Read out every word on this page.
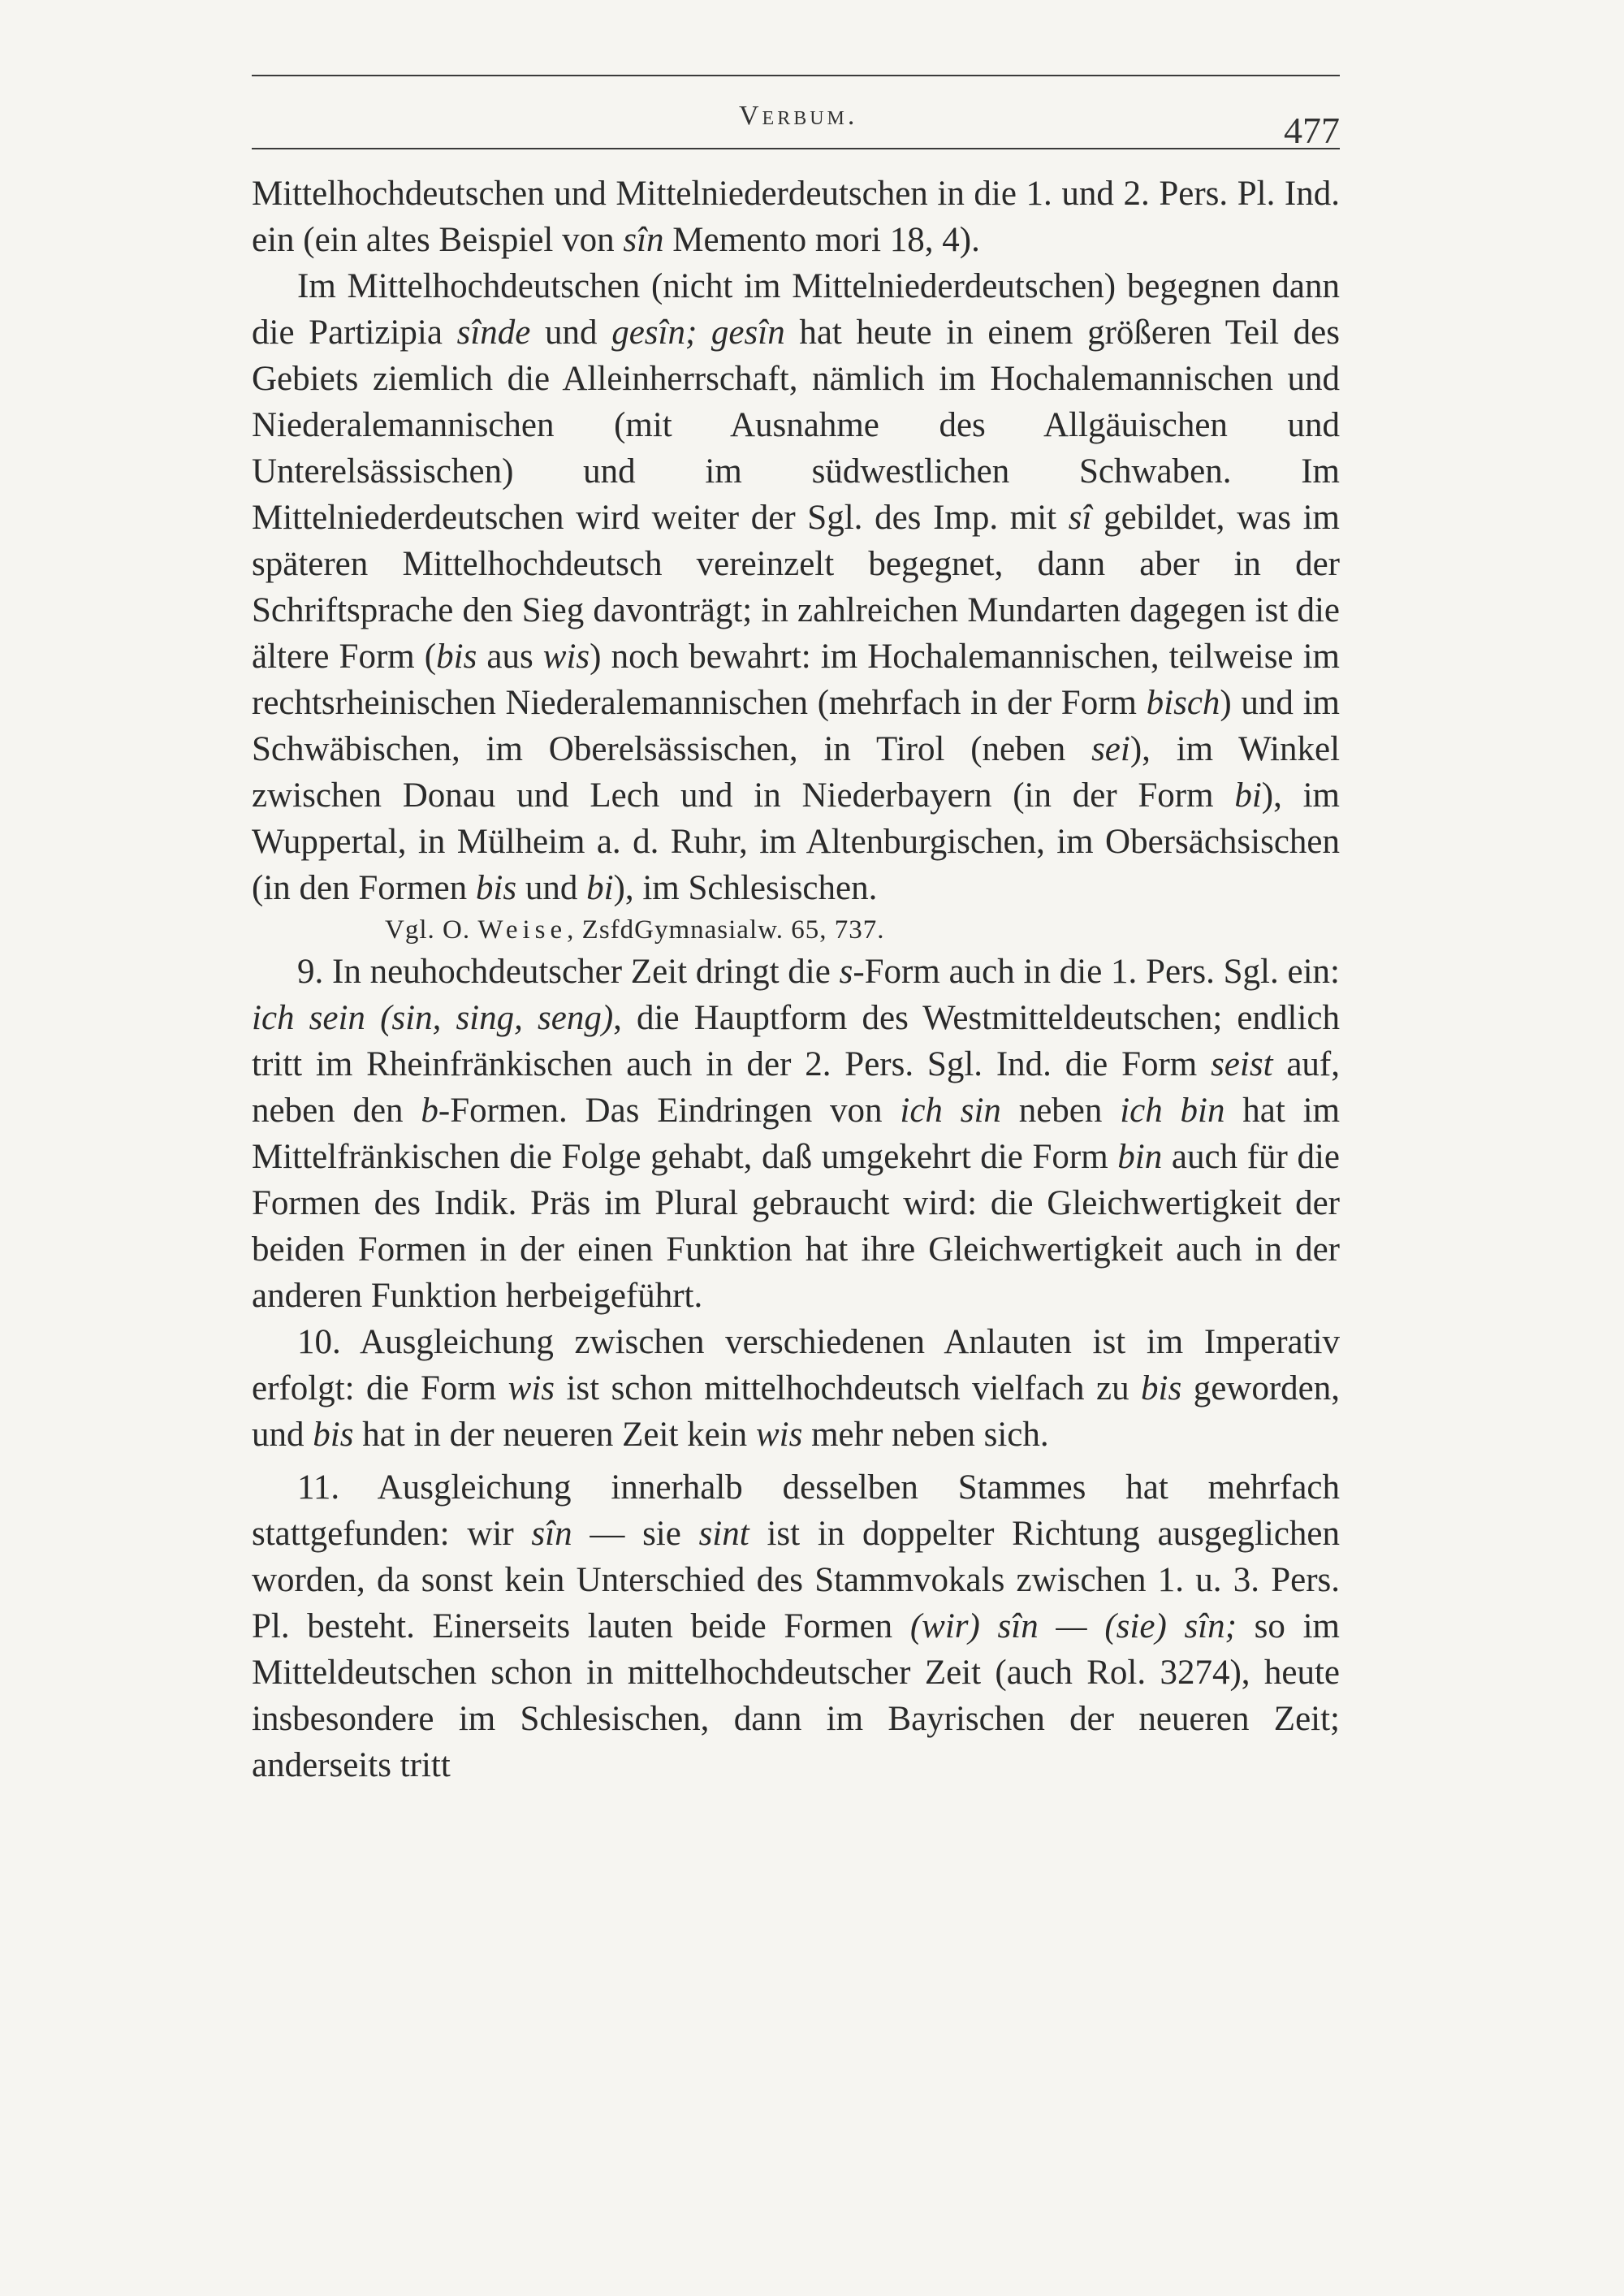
Verbum.	477

Mittelhochdeutschen und Mittelniederdeutschen in die 1. und 2. Pers. Pl. Ind. ein (ein altes Beispiel von sîn Memento mori 18, 4).

Im Mittelhochdeutschen (nicht im Mittelniederdeutschen) begegnen dann die Partizipia sînde und gesîn; gesîn hat heute in einem größeren Teil des Gebiets ziemlich die Alleinherrschaft, nämlich im Hochalemannischen und Niederalemannischen (mit Ausnahme des Allgäuischen und Unterelsässischen) und im südwestlichen Schwaben. Im Mittelniederdeutschen wird weiter der Sgl. des Imp. mit sî gebildet, was im späteren Mittelhochdeutsch vereinzelt begegnet, dann aber in der Schriftsprache den Sieg davonträgt; in zahlreichen Mundarten dagegen ist die ältere Form (bis aus wis) noch bewahrt: im Hochalemannischen, teilweise im rechtsrheinischen Niederalemannischen (mehrfach in der Form bisch) und im Schwäbischen, im Oberelsässischen, in Tirol (neben sei), im Winkel zwischen Donau und Lech und in Niederbayern (in der Form bi), im Wuppertal, in Mülheim a. d. Ruhr, im Altenburgischen, im Obersächsischen (in den Formen bis und bi), im Schlesischen.

Vgl. O. Weise, ZsfdGymnasialw. 65, 737.

9. In neuhochdeutscher Zeit dringt die s-Form auch in die 1. Pers. Sgl. ein: ich sein (sin, sing, seng), die Hauptform des Westmitteldeutschen; endlich tritt im Rheinfränkischen auch in der 2. Pers. Sgl. Ind. die Form seist auf, neben den b-Formen. Das Eindringen von ich sin neben ich bin hat im Mittelfränkischen die Folge gehabt, daß umgekehrt die Form bin auch für die Formen des Indik. Präs im Plural gebraucht wird: die Gleichwertigkeit der beiden Formen in der einen Funktion hat ihre Gleichwertigkeit auch in der anderen Funktion herbeigeführt.

10. Ausgleichung zwischen verschiedenen Anlauten ist im Imperativ erfolgt: die Form wis ist schon mittelhochdeutsch vielfach zu bis geworden, und bis hat in der neueren Zeit kein wis mehr neben sich.

11. Ausgleichung innerhalb desselben Stammes hat mehrfach stattgefunden: wir sîn — sie sint ist in doppelter Richtung ausgeglichen worden, da sonst kein Unterschied des Stammvokals zwischen 1. u. 3. Pers. Pl. besteht. Einerseits lauten beide Formen (wir) sîn — (sie) sîn; so im Mitteldeutschen schon in mittelhochdeutscher Zeit (auch Rol. 3274), heute insbesondere im Schlesischen, dann im Bayrischen der neueren Zeit; anderseits tritt
